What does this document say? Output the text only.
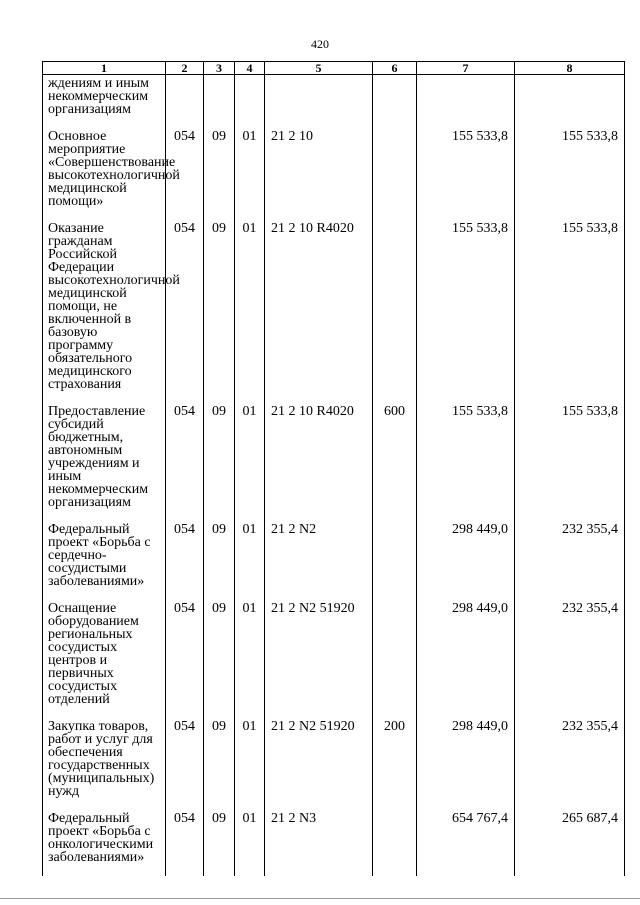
420
1	2	3	4	5	6	7	8
ждениям и иным некоммерческим организациям							
Основное мероприятие «Совершенствование высокотехнологичной медицинской помощи»	054	09	01	21 2 10		155 533,8	155 533,8
Оказание гражданам Российской Федерации высокотехнологичной медицинской помощи, не включенной в базовую программу обязательного медицинского страхования	054	09	01	21 2 10 R4020		155 533,8	155 533,8
Предоставление субсидий бюджетным, автономным учреждениям и иным некоммерческим организациям	054	09	01	21 2 10 R4020	600	155 533,8	155 533,8
Федеральный проект «Борьба с сердечно-сосудистыми заболеваниями»	054	09	01	21 2 N2		298 449,0	232 355,4
Оснащение оборудованием региональных сосудистых центров и первичных сосудистых отделений	054	09	01	21 2 N2 51920		298 449,0	232 355,4
Закупка товаров, работ и услуг для обеспечения государственных (муниципальных) нужд	054	09	01	21 2 N2 51920	200	298 449,0	232 355,4
Федеральный проект «Борьба с онкологическими заболеваниями»	054	09	01	21 2 N3		654 767,4	265 687,4
